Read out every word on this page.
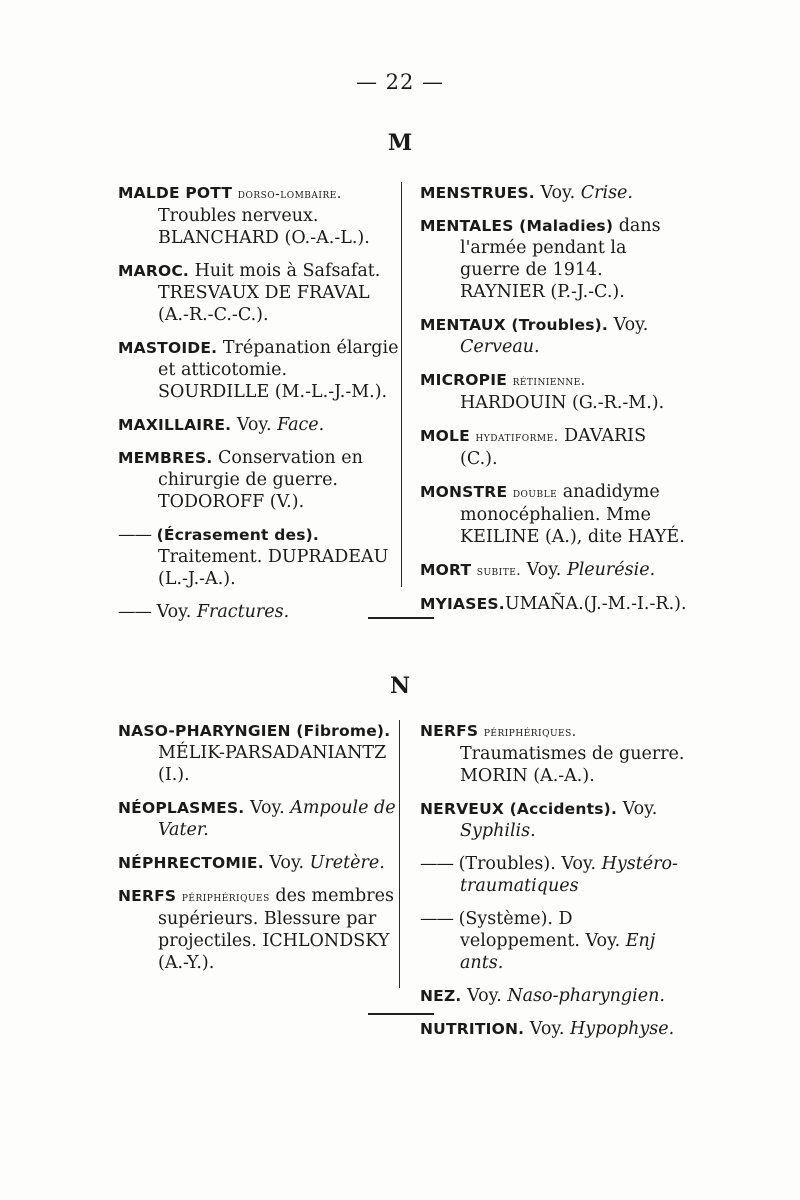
— 22 —
M

MALDE POTT dorso-lombaire. Troubles nerveux. BLANCHARD (O.-A.-L.).

MAROC. Huit mois à Safsafat. TRESVAUX DE FRAVAL (A.-R.-C.-C.).

MASTOIDE. Trépanation élargie et atticotomie. SOURDILLE (M.-L.-J.-M.).

MAXILLAIRE. Voy. Face.

MEMBRES. Conservation en chirurgie de guerre. TODOROFF (V.).

—— (Écrasement des). Traitement. DUPRADEAU (L.-J.-A.).

—— Voy. Fractures.

MENSTRUES. Voy. Crise.

MENTALES (Maladies) dans l'armée pendant la guerre de 1914. RAYNIER (P.-J.-C.).

MENTAUX (Troubles). Voy. Cerveau.

MICROPIE rétinienne. HARDOUIN (G.-R.-M.).

MOLE hydatiforme. DAVARIS (C.).

MONSTRE double anadidyme monocéphalien. Mme KEILINE (A.), dite HAYÉ.

MORT subite. Voy. Pleurésie.

MYIASES.UMAÑA.(J.-M.-I.-R.).

N

NASO-PHARYNGIEN (Fibrome). MÉLIK-PARSADANIANTZ (I.).

NÉOPLASMES. Voy. Ampoule de Vater.

NÉPHRECTOMIE. Voy. Uretère.

NERFS périphériques des membres supérieurs. Blessure par projectiles. ICHLONDSKY (A.-Y.).

NERFS périphériques. Traumatismes de guerre. MORIN (A.-A.).

NERVEUX (Accidents). Voy. Syphilis.

—— (Troubles). Voy. Hystéro-traumatiques

—— (Système). D veloppement. Voy. Enj ants.

NEZ. Voy. Naso-pharyngien.

NUTRITION. Voy. Hypophyse.
